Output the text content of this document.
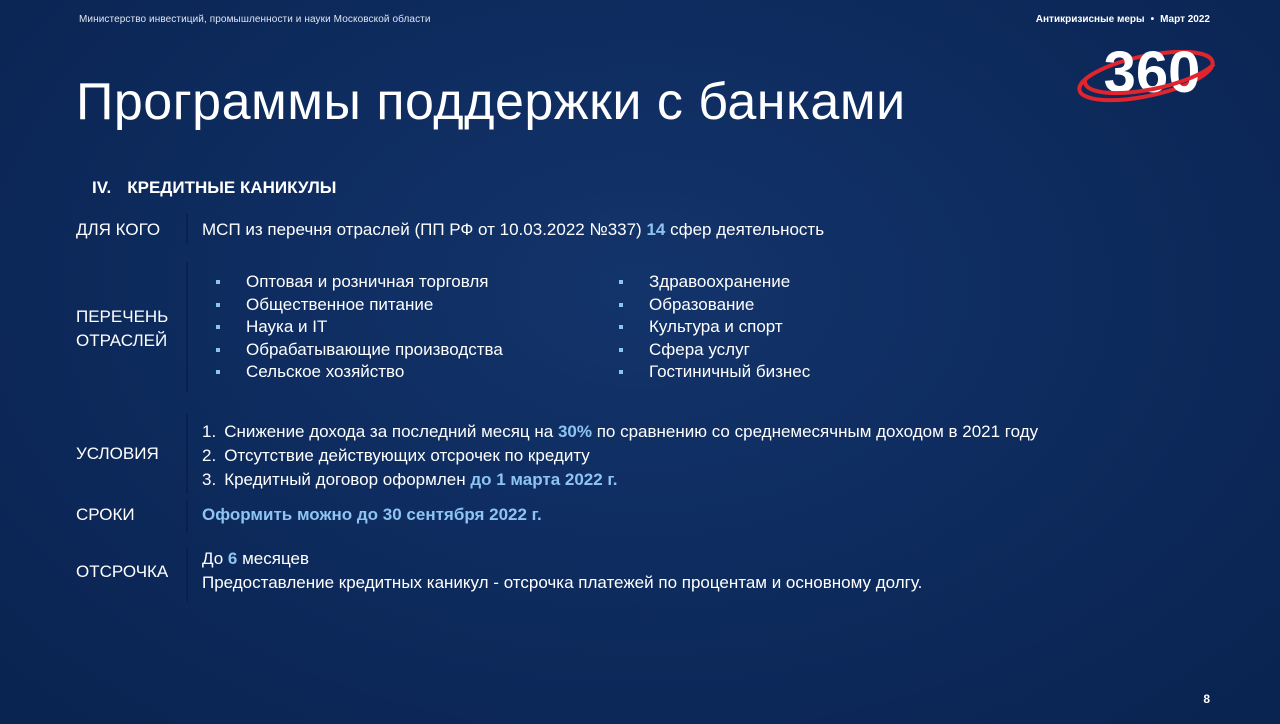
Министерство инвестиций, промышленности и науки Московской области	Антикризисные меры • Март 2022
360
Программы поддержки с банками
IV. КРЕДИТНЫЕ КАНИКУЛЫ
ДЛЯ КОГО МСП из перечня отраслей (ПП РФ от 10.03.2022 №337) 14 сфер деятельность
ПЕРЕЧЕНЬ
ОТРАСЛЕЙ
Оптовая и розничная торговля
Общественное питание
Наука и IT
Обрабатывающие производства
Сельское хозяйство
Здравоохранение
Образование
Культура и спорт
Сфера услуг
Гостиничный бизнес
УСЛОВИЯ
1. Снижение дохода за последний месяц на 30% по сравнению со среднемесячным доходом в 2021 году
2. Отсутствие действующих отсрочек по кредиту
3. Кредитный договор оформлен до 1 марта 2022 г.
СРОКИ	Оформить можно до 30 сентября 2022 г.
ОТСРОЧКА
До 6 месяцев
Предоставление кредитных каникул - отсрочка платежей по процентам и основному долгу.
8
